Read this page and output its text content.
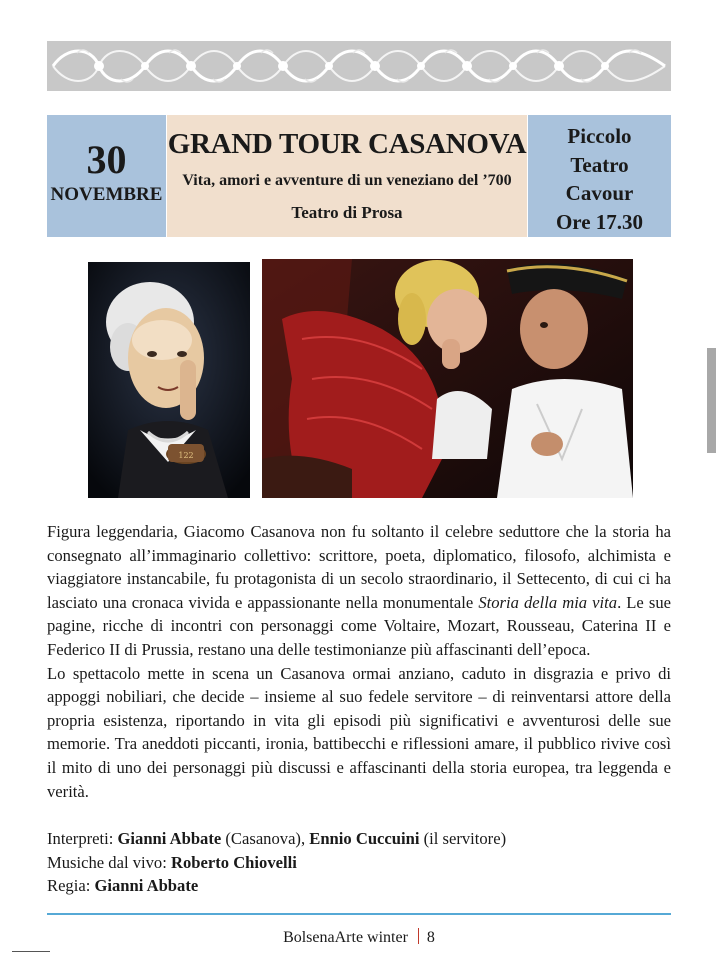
30
NOVEMBRE
GRAND TOUR CASANOVA
Vita, amori e avventure di un veneziano del ’700
Teatro di Prosa
Piccolo
Teatro
Cavour
Ore 17.30
122

Figura leggendaria, Giacomo Casanova non fu soltanto il celebre seduttore che la storia ha consegnato all’immaginario collettivo: scrittore, poeta, diplomatico, filosofo, alchimista e viaggiatore instancabile, fu protagonista di un secolo straordinario, il Settecento, di cui ci ha lasciato una cronaca vivida e appassionante nella monumentale Storia della mia vita. Le sue pagine, ricche di incontri con personaggi come Voltaire, Mozart, Rousseau, Caterina II e Federico II di Prussia, restano una delle testimonianze più affascinanti dell’epoca.

Lo spettacolo mette in scena un Casanova ormai anziano, caduto in disgrazia e privo di appoggi nobiliari, che decide – insieme al suo fedele servitore – di reinventarsi attore della propria esistenza, riportando in vita gli episodi più significativi e avventurosi delle sue memorie. Tra aneddoti piccanti, ironia, battibecchi e riflessioni amare, il pubblico rivive così il mito di uno dei personaggi più discussi e affascinanti della storia europea, tra leggenda e verità.

Interpreti: Gianni Abbate (Casanova), Ennio Cuccuini (il servitore)
Musiche dal vivo: Roberto Chiovelli
Regia: Gianni Abbate
BolsenaArte winter 8
